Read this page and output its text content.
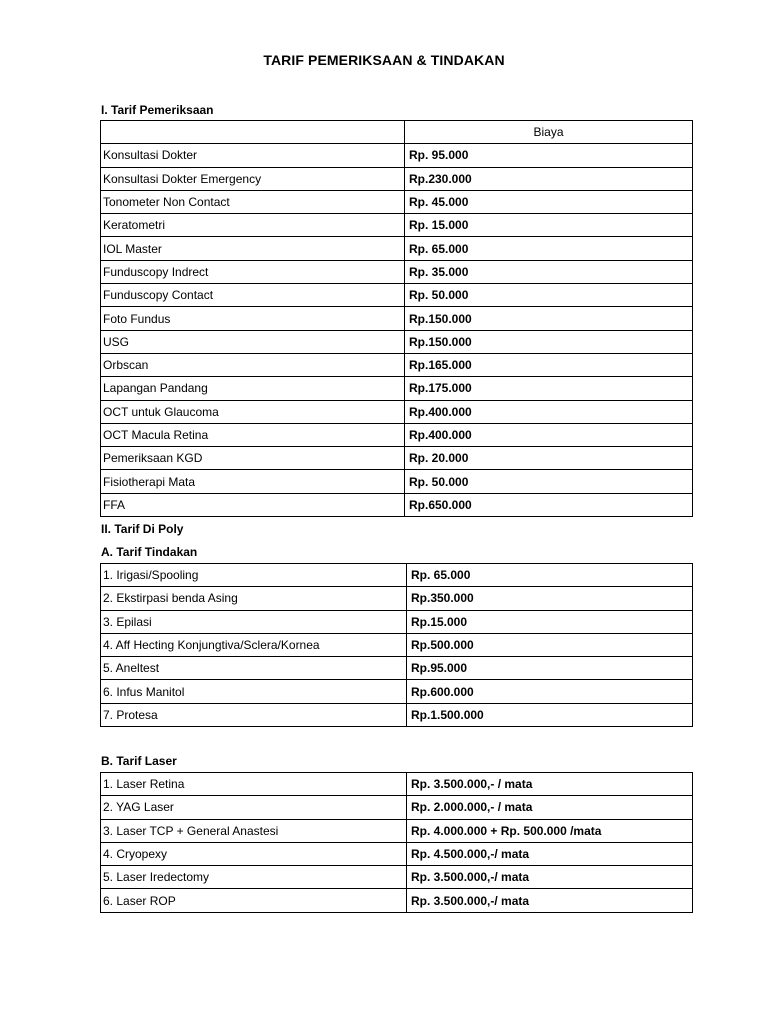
TARIF PEMERIKSAAN & TINDAKAN
I. Tarif Pemeriksaan
	Biaya
Konsultasi Dokter	Rp. 95.000
Konsultasi Dokter Emergency	Rp.230.000
Tonometer Non Contact	Rp. 45.000
Keratometri	Rp. 15.000
IOL Master	Rp. 65.000
Funduscopy Indrect	Rp. 35.000
Funduscopy Contact	Rp. 50.000
Foto Fundus	Rp.150.000
USG	Rp.150.000
Orbscan	Rp.165.000
Lapangan Pandang	Rp.175.000
OCT untuk Glaucoma	Rp.400.000
OCT Macula Retina	Rp.400.000
Pemeriksaan KGD	Rp. 20.000
Fisiotherapi Mata	Rp. 50.000
FFA	Rp.650.000
II. Tarif Di Poly
A. Tarif Tindakan
1. Irigasi/Spooling	Rp. 65.000
2. Ekstirpasi benda Asing	Rp.350.000
3. Epilasi	Rp.15.000
4. Aff Hecting Konjungtiva/Sclera/Kornea	Rp.500.000
5. Aneltest	Rp.95.000
6. Infus Manitol	Rp.600.000
7. Protesa	Rp.1.500.000
B. Tarif Laser
1. Laser Retina	Rp. 3.500.000,- / mata
2. YAG Laser	Rp. 2.000.000,- / mata
3. Laser TCP + General Anastesi	Rp. 4.000.000 + Rp. 500.000 /mata
4. Cryopexy	Rp. 4.500.000,-/ mata
5. Laser Iredectomy	Rp. 3.500.000,-/ mata
6. Laser ROP	Rp. 3.500.000,-/ mata
